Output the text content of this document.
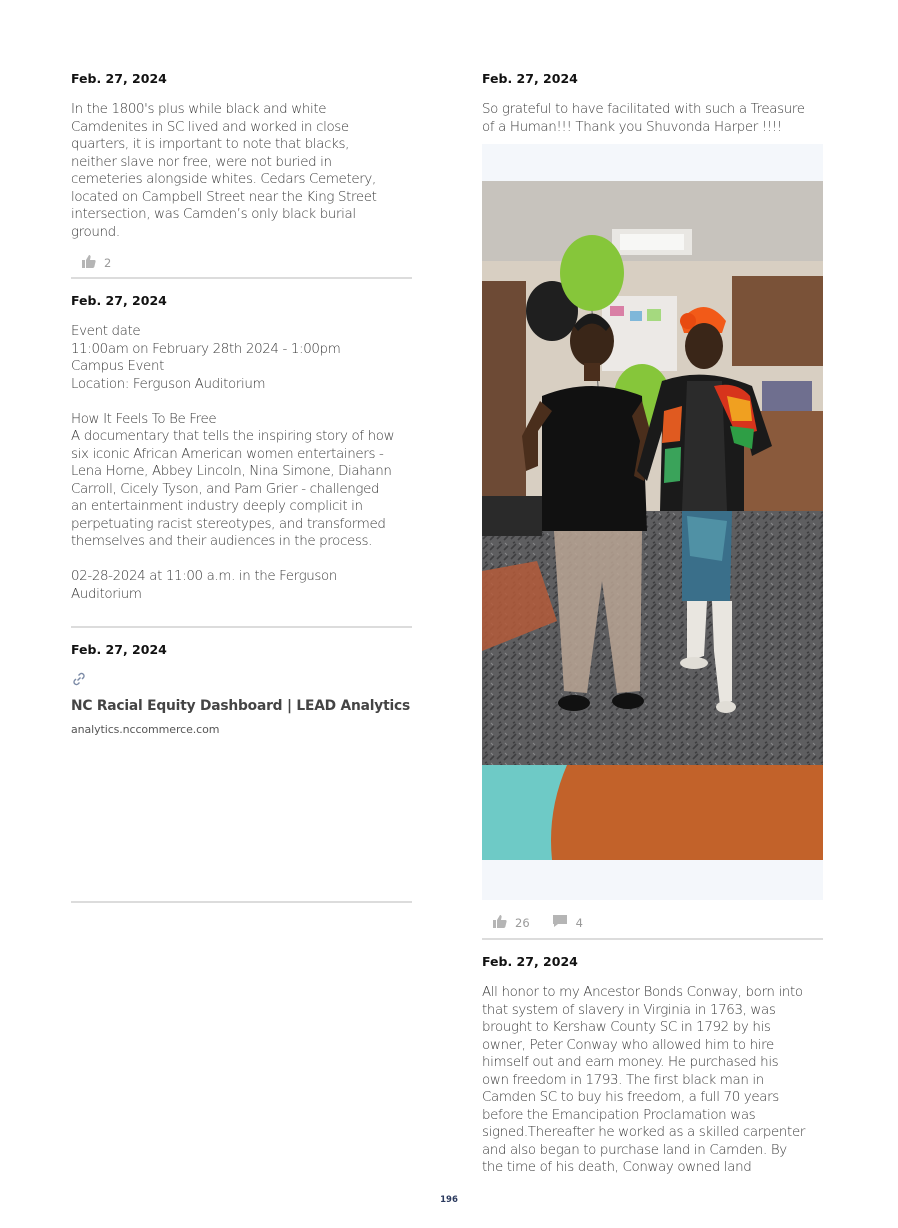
Feb. 27, 2024
In the 1800's plus while black and white
Camdenites in SC lived and worked in close
quarters, it is important to note that blacks,
neither slave nor free, were not buried in
cemeteries alongside whites. Cedars Cemetery,
located on Campbell Street near the King Street
intersection, was Camden’s only black burial
ground.
2
Feb. 27, 2024
Event date
11:00am on February 28th 2024 - 1:00pm
Campus Event
Location: Ferguson Auditorium

How It Feels To Be Free
A documentary that tells the inspiring story of how
six iconic African American women entertainers -
Lena Horne, Abbey Lincoln, Nina Simone, Diahann
Carroll, Cicely Tyson, and Pam Grier - challenged
an entertainment industry deeply complicit in
perpetuating racist stereotypes, and transformed
themselves and their audiences in the process.

02-28-2024 at 11:00 a.m. in the Ferguson
Auditorium
Feb. 27, 2024
NC Racial Equity Dashboard | LEAD Analytics
analytics.nccommerce.com
Feb. 27, 2024
So grateful to have facilitated with such a Treasure
of a Human!!! Thank you Shuvonda Harper !!!!
26	4
Feb. 27, 2024
All honor to my Ancestor Bonds Conway, born into
that system of slavery in Virginia in 1763, was
brought to Kershaw County SC in 1792 by his
owner, Peter Conway who allowed him to hire
himself out and earn money. He purchased his
own freedom in 1793. The first black man in
Camden SC to buy his freedom, a full 70 years
before the Emancipation Proclamation was
signed.Thereafter he worked as a skilled carpenter
and also began to purchase land in Camden. By
the time of his death, Conway owned land
196
